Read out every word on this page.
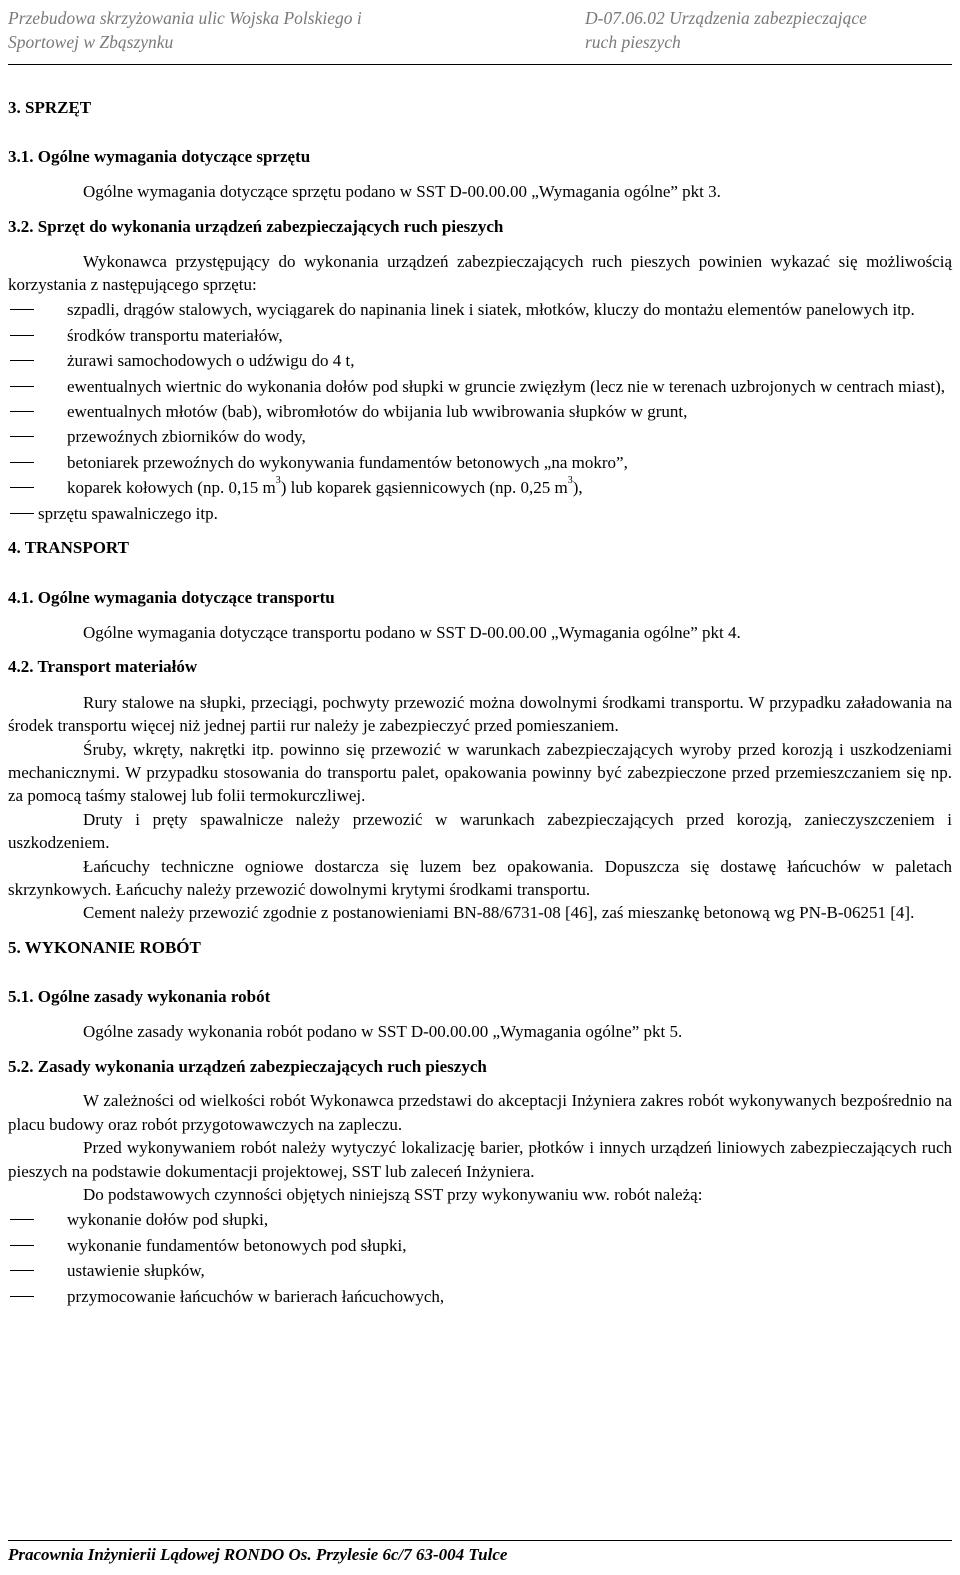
Przebudowa skrzyżowania ulic Wojska Polskiego i
Sportowej w Zbąszynku
D-07.06.02 Urządzenia zabezpieczające
ruch pieszych

3. SPRZĘT

3.1. Ogólne wymagania dotyczące sprzętu

Ogólne wymagania dotyczące sprzętu podano w SST D-00.00.00 „Wymagania ogólne” pkt 3.

3.2. Sprzęt do wykonania urządzeń zabezpieczających ruch pieszych

Wykonawca przystępujący do wykonania urządzeń zabezpieczających ruch pieszych powinien wykazać się możliwością korzystania z następującego sprzętu:

szpadli, drągów stalowych, wyciągarek do napinania linek i siatek, młotków, kluczy do montażu elementów panelowych itp.

środków transportu materiałów,

żurawi samochodowych o udźwigu do 4 t,

ewentualnych wiertnic do wykonania dołów pod słupki w gruncie zwięzłym (lecz nie w terenach uzbrojonych w centrach miast),

ewentualnych młotów (bab), wibromłotów do wbijania lub wwibrowania słupków w grunt,

przewoźnych zbiorników do wody,

betoniarek przewoźnych do wykonywania fundamentów betonowych „na mokro”,

koparek kołowych (np. 0,15 $m^3$) lub koparek gąsiennicowych (np. 0,25 $m^3$),

sprzętu spawalniczego itp.

4. TRANSPORT

4.1. Ogólne wymagania dotyczące transportu

Ogólne wymagania dotyczące transportu podano w SST D-00.00.00 „Wymagania ogólne” pkt 4.

4.2. Transport materiałów

Rury stalowe na słupki, przeciągi, pochwyty przewozić można dowolnymi środkami transportu. W przypadku załadowania na środek transportu więcej niż jednej partii rur należy je zabezpieczyć przed pomieszaniem.

Śruby, wkręty, nakrętki itp. powinno się przewozić w warunkach zabezpieczających wyroby przed korozją i uszkodzeniami mechanicznymi. W przypadku stosowania do transportu palet, opakowania powinny być zabezpieczone przed przemieszczaniem się np. za pomocą taśmy stalowej lub folii termokurczliwej.

Druty i pręty spawalnicze należy przewozić w warunkach zabezpieczających przed korozją, zanieczyszczeniem i uszkodzeniem.

Łańcuchy techniczne ogniowe dostarcza się luzem bez opakowania. Dopuszcza się dostawę łańcuchów w paletach skrzynkowych. Łańcuchy należy przewozić dowolnymi krytymi środkami transportu.

Cement należy przewozić zgodnie z postanowieniami BN-88/6731-08 [46], zaś mieszankę betonową wg PN-B-06251 [4].

5. WYKONANIE ROBÓT

5.1. Ogólne zasady wykonania robót

Ogólne zasady wykonania robót podano w SST D-00.00.00 „Wymagania ogólne” pkt 5.

5.2. Zasady wykonania urządzeń zabezpieczających ruch pieszych

W zależności od wielkości robót Wykonawca przedstawi do akceptacji Inżyniera zakres robót wykonywanych bezpośrednio na placu budowy oraz robót przygotowawczych na zapleczu.

Przed wykonywaniem robót należy wytyczyć lokalizację barier, płotków i innych urządzeń liniowych zabezpieczających ruch pieszych na podstawie dokumentacji projektowej, SST lub zaleceń Inżyniera.

Do podstawowych czynności objętych niniejszą SST przy wykonywaniu ww. robót należą:

wykonanie dołów pod słupki,

wykonanie fundamentów betonowych pod słupki,

ustawienie słupków,

przymocowanie łańcuchów w barierach łańcuchowych,

Pracownia Inżynierii Lądowej RONDO Os. Przylesie 6c/7 63-004 Tulce
